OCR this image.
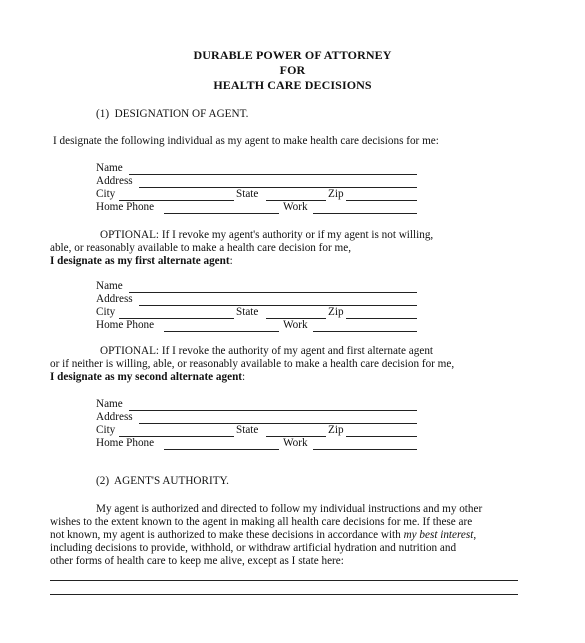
DURABLE POWER OF ATTORNEY
FOR
HEALTH CARE DECISIONS
(1) DESIGNATION OF AGENT.
I designate the following individual as my agent to make health care decisions for me:
Name
Address
City	State	Zip
Home Phone	Work
OPTIONAL: If I revoke my agent's authority or if my agent is not willing,
able, or reasonably available to make a health care decision for me,
I designate as my first alternate agent:
Name
Address
City	State	Zip
Home Phone	Work
OPTIONAL: If I revoke the authority of my agent and first alternate agent
or if neither is willing, able, or reasonably available to make a health care decision for me,
I designate as my second alternate agent:
Name
Address
City	State	Zip
Home Phone	Work
(2) AGENT'S AUTHORITY.
My agent is authorized and directed to follow my individual instructions and my other
wishes to the extent known to the agent in making all health care decisions for me. If these are
not known, my agent is authorized to make these decisions in accordance with my best interest,
including decisions to provide, withhold, or withdraw artificial hydration and nutrition and
other forms of health care to keep me alive, except as I state here:
